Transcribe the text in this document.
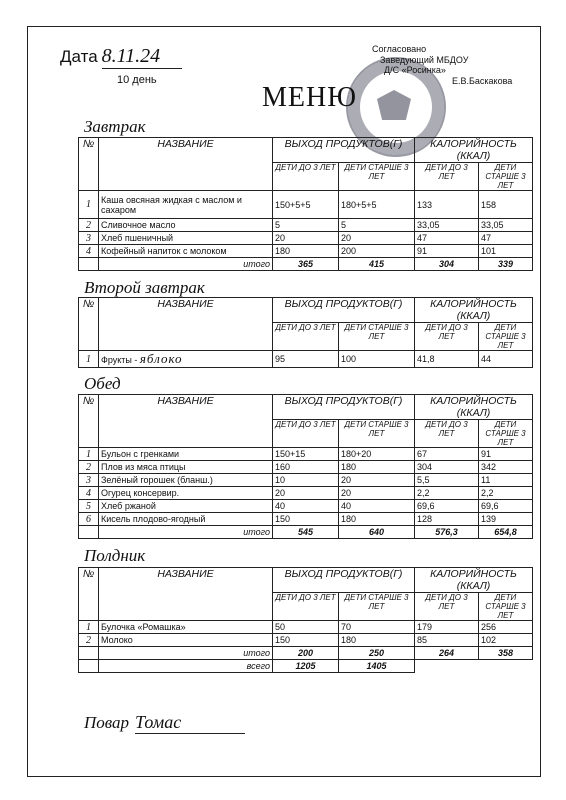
Дата 8.11.24
10 день
Согласовано
Заведующий МБДОУ
Д/С «Росинка»
Е.В.Баскакова
МЕНЮ
Завтрак
№	НАЗВАНИЕ	ВЫХОД ПРОДУКТОВ(Г)		КАЛОРИЙНОСТЬ (ККАЛ)	
		ДЕТИ ДО 3 ЛЕТ	ДЕТИ СТАРШЕ 3 ЛЕТ	ДЕТИ ДО 3 ЛЕТ	ДЕТИ СТАРШЕ 3 ЛЕТ
1	Каша овсяная жидкая с маслом и сахаром	150+5+5	180+5+5	133	158
2	Сливочное масло	5	5	33,05	33,05
3	Хлеб пшеничный	20	20	47	47
4	Кофейный напиток с молоком	180	200	91	101
	итого	365	415	304	339
Второй завтрак
№	НАЗВАНИЕ	ВЫХОД ПРОДУКТОВ(Г)		КАЛОРИЙНОСТЬ (ККАЛ)	
		ДЕТИ ДО 3 ЛЕТ	ДЕТИ СТАРШЕ 3 ЛЕТ	ДЕТИ ДО 3 ЛЕТ	ДЕТИ СТАРШЕ 3 ЛЕТ
1	Фрукты - яблоко	95	100	41,8	44
Обед
№	НАЗВАНИЕ	ВЫХОД ПРОДУКТОВ(Г)		КАЛОРИЙНОСТЬ (ККАЛ)	
		ДЕТИ ДО 3 ЛЕТ	ДЕТИ СТАРШЕ 3 ЛЕТ	ДЕТИ ДО 3 ЛЕТ	ДЕТИ СТАРШЕ 3 ЛЕТ
1	Бульон с гренками	150+15	180+20	67	91
2	Плов из мяса птицы	160	180	304	342
3	Зелёный горошек (бланш.)	10	20	5,5	11
4	Огурец консервир.	20	20	2,2	2,2
5	Хлеб ржаной	40	40	69,6	69,6
6	Кисель плодово-ягодный	150	180	128	139
	итого	545	640	576,3	654,8
Полдник
№	НАЗВАНИЕ	ВЫХОД ПРОДУКТОВ(Г)		КАЛОРИЙНОСТЬ (ККАЛ)	
		ДЕТИ ДО 3 ЛЕТ	ДЕТИ СТАРШЕ 3 ЛЕТ	ДЕТИ ДО 3 ЛЕТ	ДЕТИ СТАРШЕ 3 ЛЕТ
1	Булочка «Ромашка»	50	70	179	256
2	Молоко	150	180	85	102
	итого	200	250	264	358
	всего	1205	1405		
Повар Томас
